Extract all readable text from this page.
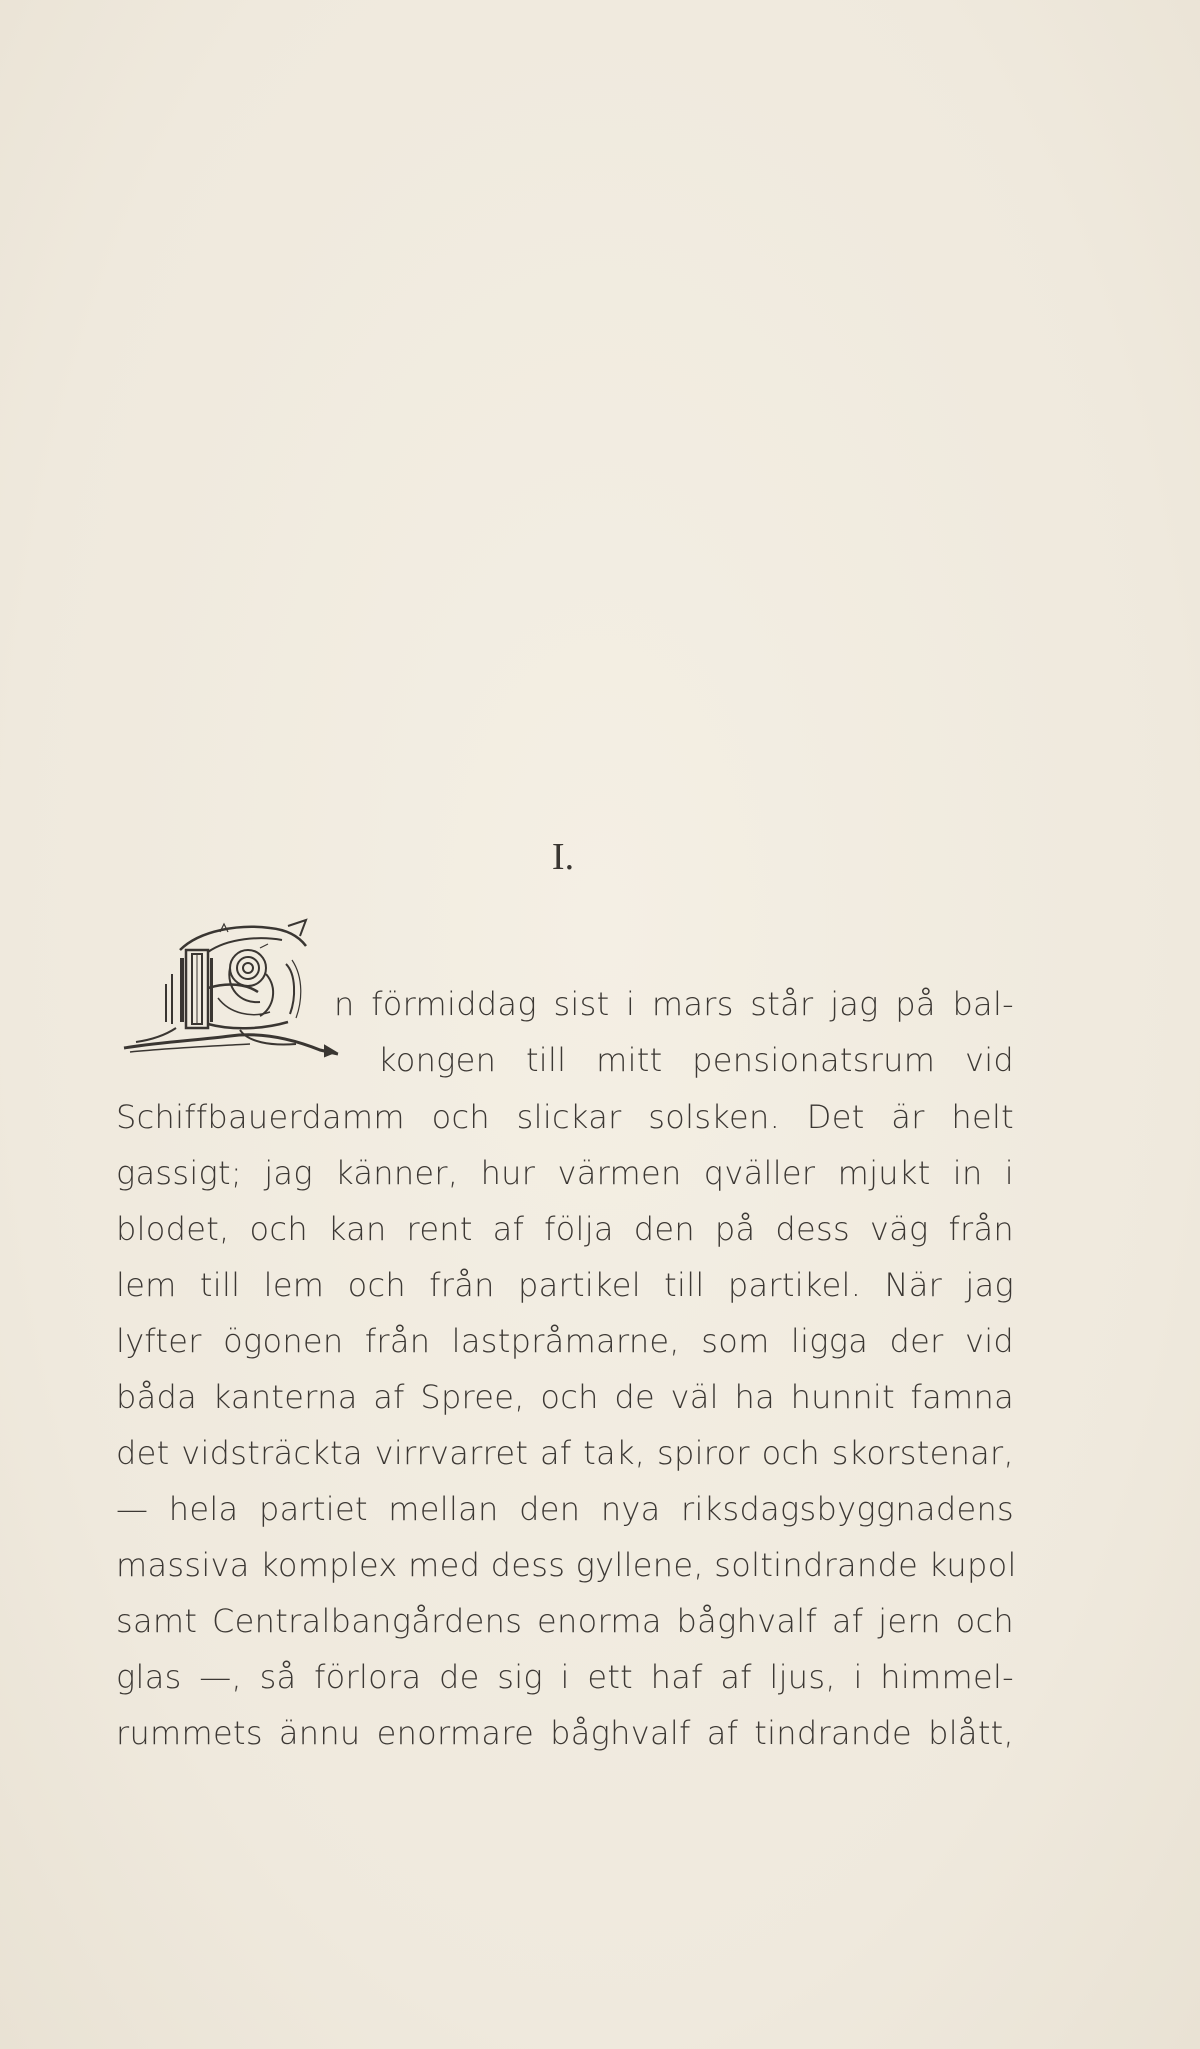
I.
n förmiddag sist i mars står jag på bal-
kongen till mitt pensionatsrum vid
Schiffbauerdamm och slickar solsken. Det är helt
gassigt; jag känner, hur värmen qväller mjukt in i
blodet, och kan rent af följa den på dess väg från
lem till lem och från partikel till partikel. När jag
lyfter ögonen från lastpråmarne, som ligga der vid
båda kanterna af Spree, och de väl ha hunnit famna
det vidsträckta virrvarret af tak, spiror och skorstenar,
— hela partiet mellan den nya riksdagsbyggnadens
massiva komplex med dess gyllene, soltindrande kupol
samt Centralbangårdens enorma båghvalf af jern och
glas —, så förlora de sig i ett haf af ljus, i himmel-
rummets ännu enormare båghvalf af tindrande blått,
